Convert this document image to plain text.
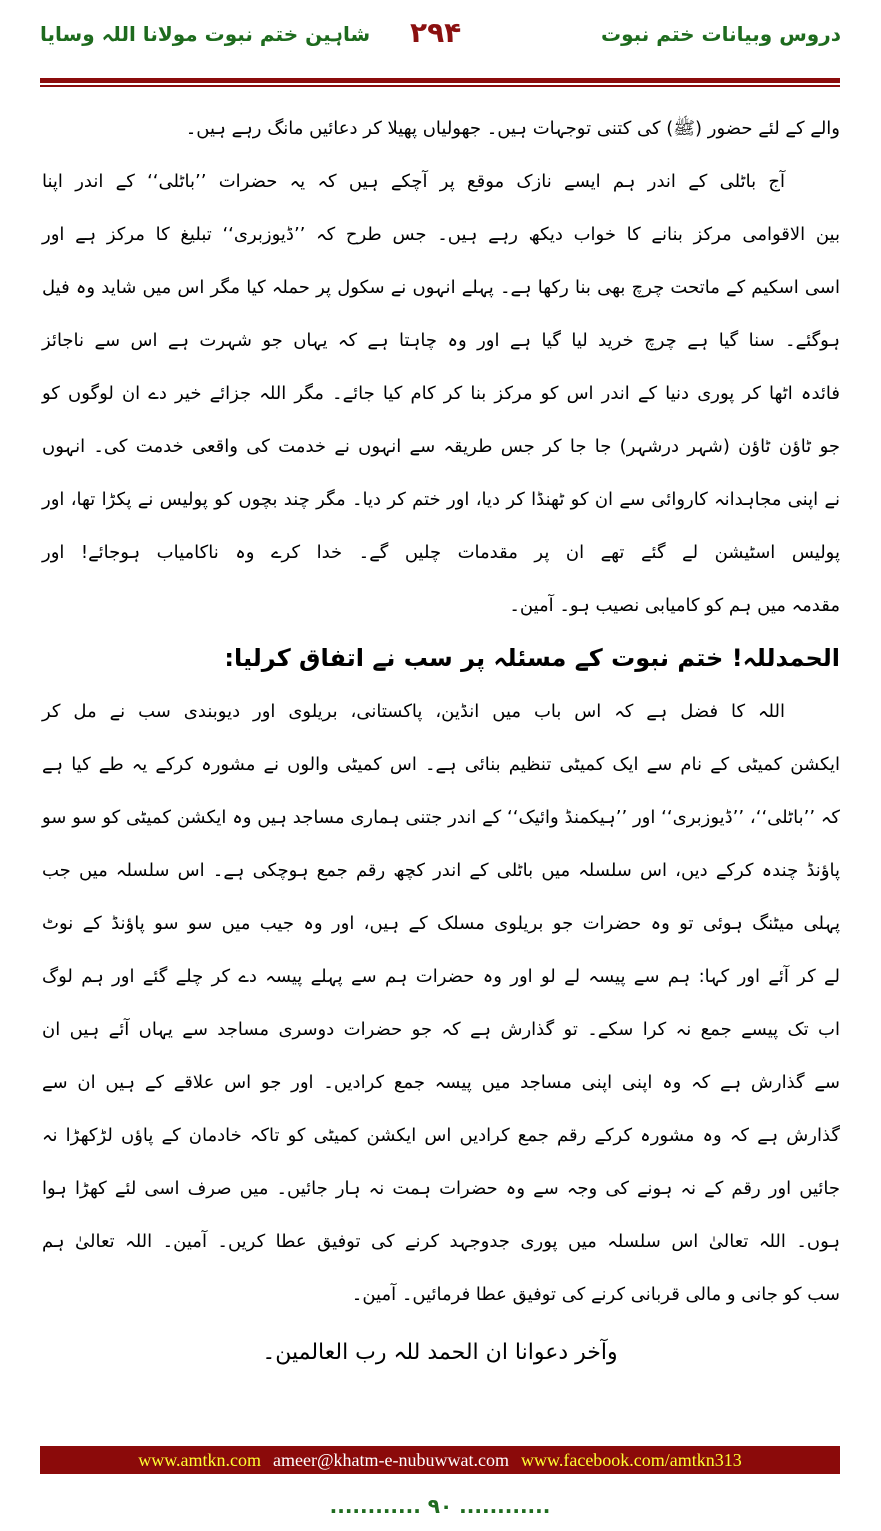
دروس وبیانات ختم نبوت
۲۹۴
شاہین ختم نبوت مولانا اللہ وسایا
والے کے لئے حضور (ﷺ) کی کتنی توجہات ہیں۔ جھولیاں پھیلا کر دعائیں مانگ رہے ہیں۔
آج باٹلی کے اندر ہم ایسے نازک موقع پر آچکے ہیں کہ یہ حضرات ’’باٹلی‘‘ کے اندر اپنا
بین الاقوامی مرکز بنانے کا خواب دیکھ رہے ہیں۔ جس طرح کہ ’’ڈیوزبری‘‘ تبلیغ کا مرکز ہے اور
اسی اسکیم کے ماتحت چرچ بھی بنا رکھا ہے۔ پہلے انہوں نے سکول پر حملہ کیا مگر اس میں شاید وہ فیل
ہوگئے۔ سنا گیا ہے چرچ خرید لیا گیا ہے اور وہ چاہتا ہے کہ یہاں جو شہرت ہے اس سے ناجائز
فائدہ اٹھا کر پوری دنیا کے اندر اس کو مرکز بنا کر کام کیا جائے۔ مگر اللہ جزائے خیر دے ان لوگوں کو
جو ٹاؤن ٹاؤن (شہر درشہر) جا جا کر جس طریقہ سے انہوں نے خدمت کی واقعی خدمت کی۔ انہوں
نے اپنی مجاہدانہ کاروائی سے ان کو ٹھنڈا کر دیا، اور ختم کر دیا۔ مگر چند بچوں کو پولیس نے پکڑا تھا، اور
پولیس اسٹیشن لے گئے تھے ان پر مقدمات چلیں گے۔ خدا کرے وہ ناکامیاب ہوجائے! اور
مقدمہ میں ہم کو کامیابی نصیب ہو۔ آمین۔
الحمدللہ! ختم نبوت کے مسئلہ پر سب نے اتفاق کرلیا:
اللہ کا فضل ہے کہ اس باب میں انڈین، پاکستانی، بریلوی اور دیوبندی سب نے مل کر
ایکشن کمیٹی کے نام سے ایک کمیٹی تنظیم بنائی ہے۔ اس کمیٹی والوں نے مشورہ کرکے یہ طے کیا ہے
کہ ’’باٹلی‘‘، ’’ڈیوزبری‘‘ اور ’’ہیکمنڈ وائیک‘‘ کے اندر جتنی ہماری مساجد ہیں وہ ایکشن کمیٹی کو سو سو
پاؤنڈ چندہ کرکے دیں، اس سلسلہ میں باٹلی کے اندر کچھ رقم جمع ہوچکی ہے۔ اس سلسلہ میں جب
پہلی میٹنگ ہوئی تو وہ حضرات جو بریلوی مسلک کے ہیں، اور وہ جیب میں سو سو پاؤنڈ کے نوٹ
لے کر آئے اور کہا: ہم سے پیسہ لے لو اور وہ حضرات ہم سے پہلے پیسہ دے کر چلے گئے اور ہم لوگ
اب تک پیسے جمع نہ کرا سکے۔ تو گذارش ہے کہ جو حضرات دوسری مساجد سے یہاں آئے ہیں ان
سے گذارش ہے کہ وہ اپنی اپنی مساجد میں پیسہ جمع کرادیں۔ اور جو اس علاقے کے ہیں ان سے
گذارش ہے کہ وہ مشورہ کرکے رقم جمع کرادیں اس ایکشن کمیٹی کو تاکہ خادمان کے پاؤں لڑکھڑا نہ
جائیں اور رقم کے نہ ہونے کی وجہ سے وہ حضرات ہمت نہ ہار جائیں۔ میں صرف اسی لئے کھڑا ہوا
ہوں۔ اللہ تعالیٰ اس سلسلہ میں پوری جدوجہد کرنے کی توفیق عطا کریں۔ آمین۔ اللہ تعالیٰ ہم
سب کو جانی و مالی قربانی کرنے کی توفیق عطا فرمائیں۔ آمین۔
وآخر دعوانا ان الحمد للہ رب العالمین۔
www.amtkn.com ameer@khatm-e-nubuwwat.com www.facebook.com/amtkn313
............ ۹۰ ............
